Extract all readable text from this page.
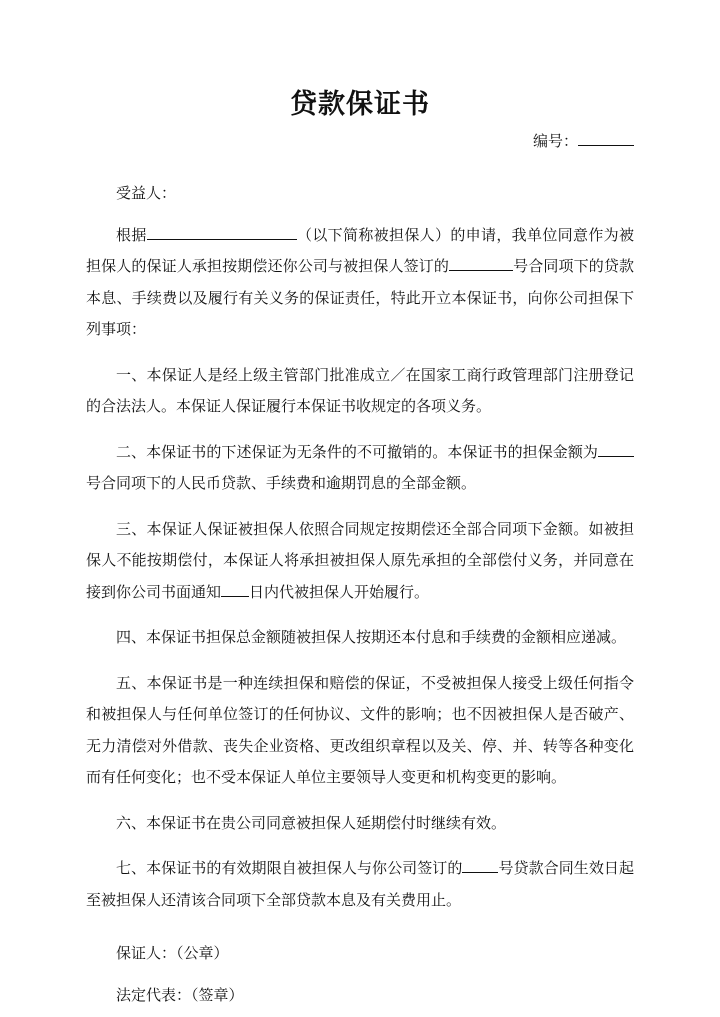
贷款保证书
编号：

受益人：

根据	（以下简称被担保人）的申请，我单位同意作为被担保人的保证人承担按期偿还你公司与被担保人签订的	号合同项下的贷款本息、手续费以及履行有关义务的保证责任，特此开立本保证书，向你公司担保下列事项：

一、本保证人是经上级主管部门批准成立／在国家工商行政管理部门注册登记的合法法人。本保证人保证履行本保证书收规定的各项义务。

二、本保证书的下述保证为无条件的不可撤销的。本保证书的担保金额为号合同项下的人民币贷款、手续费和逾期罚息的全部金额。

三、本保证人保证被担保人依照合同规定按期偿还全部合同项下金额。如被担保人不能按期偿付，本保证人将承担被担保人原先承担的全部偿付义务，并同意在接到你公司书面通知 日内代被担保人开始履行。

四、本保证书担保总金额随被担保人按期还本付息和手续费的金额相应递减。

五、本保证书是一种连续担保和赔偿的保证，不受被担保人接受上级任何指令和被担保人与任何单位签订的任何协议、文件的影响；也不因被担保人是否破产、无力清偿对外借款、丧失企业资格、更改组织章程以及关、停、并、转等各种变化而有任何变化；也不受本保证人单位主要领导人变更和机构变更的影响。

六、本保证书在贵公司同意被担保人延期偿付时继续有效。

七、本保证书的有效期限自被担保人与你公司签订的 号贷款合同生效日起至被担保人还清该合同项下全部贷款本息及有关费用止。

保证人：（公章）

法定代表：（签章）
